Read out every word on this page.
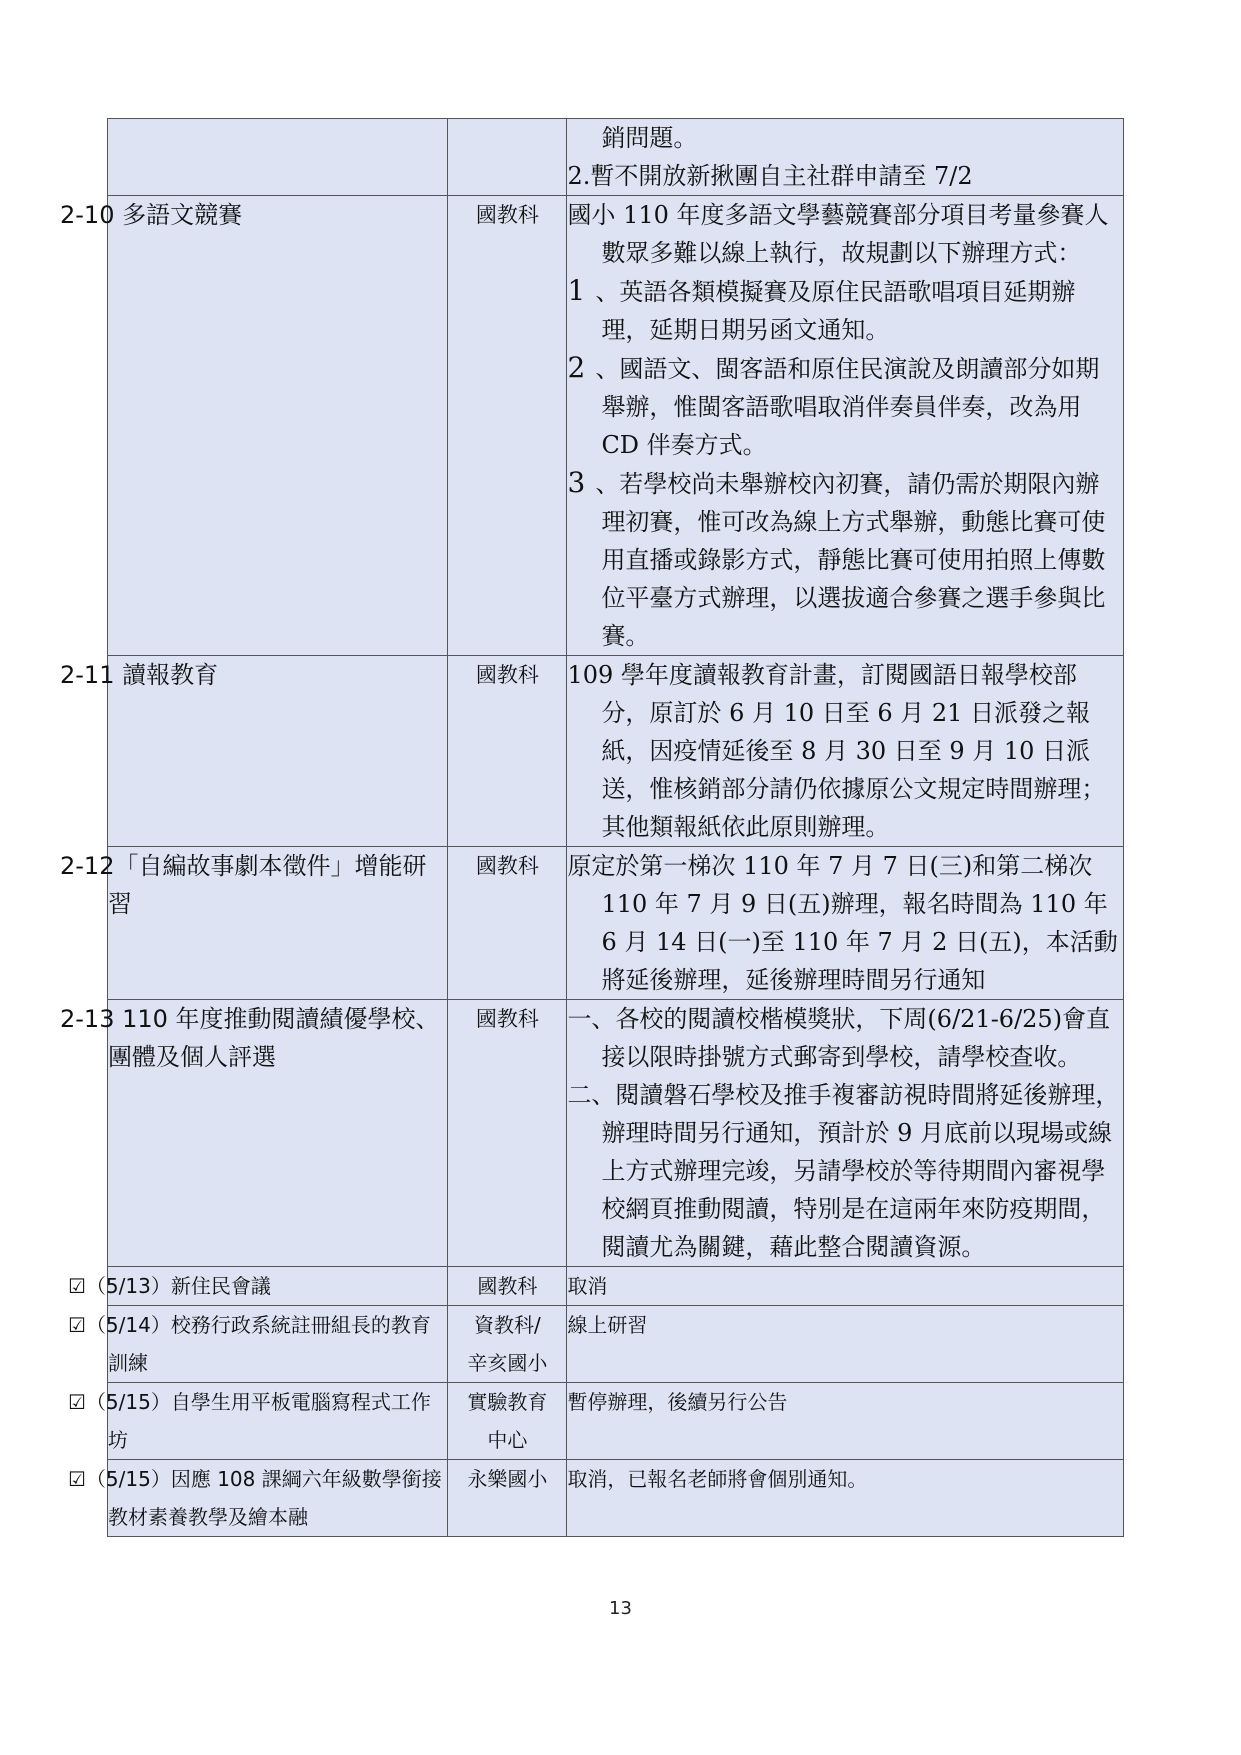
		銷問題。
2.暫不開放新揪團自主社群申請至 7/2

2-10 多語文競賽	國教科	國小 110 年度多語文學藝競賽部分項目考量參賽人數眾多難以線上執行，故規劃以下辦理方式：
1 、英語各類模擬賽及原住民語歌唱項目延期辦理，延期日期另函文通知。
2 、國語文、閩客語和原住民演說及朗讀部分如期舉辦，惟閩客語歌唱取消伴奏員伴奏，改為用 CD 伴奏方式。
3 、若學校尚未舉辦校內初賽，請仍需於期限內辦理初賽，惟可改為線上方式舉辦，動態比賽可使用直播或錄影方式，靜態比賽可使用拍照上傳數位平臺方式辦理，以選拔適合參賽之選手參與比賽。

2-11 讀報教育	國教科	109 學年度讀報教育計畫，訂閱國語日報學校部分，原訂於 6 月 10 日至 6 月 21 日派發之報紙，因疫情延後至 8 月 30 日至 9 月 10 日派送，惟核銷部分請仍依據原公文規定時間辦理；其他類報紙依此原則辦理。

2-12「自編故事劇本徵件」增能研習	國教科	原定於第一梯次 110 年 7 月 7 日(三)和第二梯次 110 年 7 月 9 日(五)辦理，報名時間為 110 年 6 月 14 日(一)至 110 年 7 月 2 日(五)，本活動將延後辦理，延後辦理時間另行通知

2-13 110 年度推動閱讀績優學校、團體及個人評選	國教科	一、各校的閱讀校楷模獎狀，下周(6/21-6/25)會直接以限時掛號方式郵寄到學校，請學校查收。
二、閱讀磐石學校及推手複審訪視時間將延後辦理，辦理時間另行通知，預計於 9 月底前以現場或線上方式辦理完竣，另請學校於等待期間內審視學校網頁推動閱讀，特別是在這兩年來防疫期間，閱讀尤為關鍵，藉此整合閱讀資源。

☑（5/13）新住民會議	國教科	取消
☑（5/14）校務行政系統註冊組長的教育訓練	資教科/辛亥國小	線上研習
☑（5/15）自學生用平板電腦寫程式工作坊	實驗教育中心	暫停辦理，後續另行公告
☑（5/15）因應 108 課綱六年級數學銜接教材素養教學及繪本融	永樂國小	取消，已報名老師將會個別通知。
13
